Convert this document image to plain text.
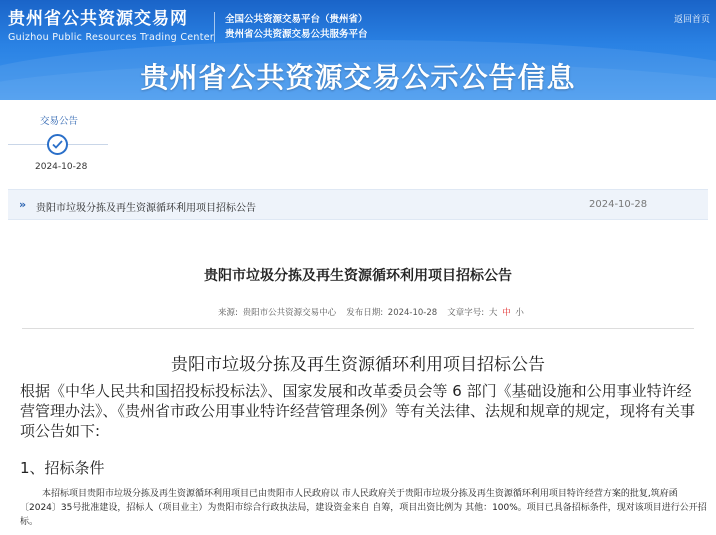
贵州省公共资源交易网
Guizhou Public Resources Trading Center
全国公共资源交易平台（贵州省）
贵州省公共资源交易公共服务平台
返回首页
贵州省公共资源交易公示公告信息
交易公告
2024-10-28
» 贵阳市垃圾分拣及再生资源循环利用项目招标公告	2024-10-28
贵阳市垃圾分拣及再生资源循环利用项目招标公告
来源: 贵阳市公共资源交易中心 发布日期: 2024-10-28 文章字号: 大 中 小
贵阳市垃圾分拣及再生资源循环利用项目招标公告
根据《中华人民共和国招投标投标法》、国家发展和改革委员会等 6 部门《基础设施和公用事业特许经营管理办法》、《贵州省市政公用事业特许经营管理条例》等有关法律、法规和规章的规定，现将有关事项公告如下:
1、招标条件
本招标项目贵阳市垃圾分拣及再生资源循环利用项目已由贵阳市人民政府以 市人民政府关于贵阳市垃圾分拣及再生资源循环利用项目特许经营方案的批复,筑府函〔2024〕35号批准建设，招标人（项目业主）为贵阳市综合行政执法局，建设资金来自 自筹，项目出资比例为 其他：100%。项目已具备招标条件，现对该项目进行公开招标。
